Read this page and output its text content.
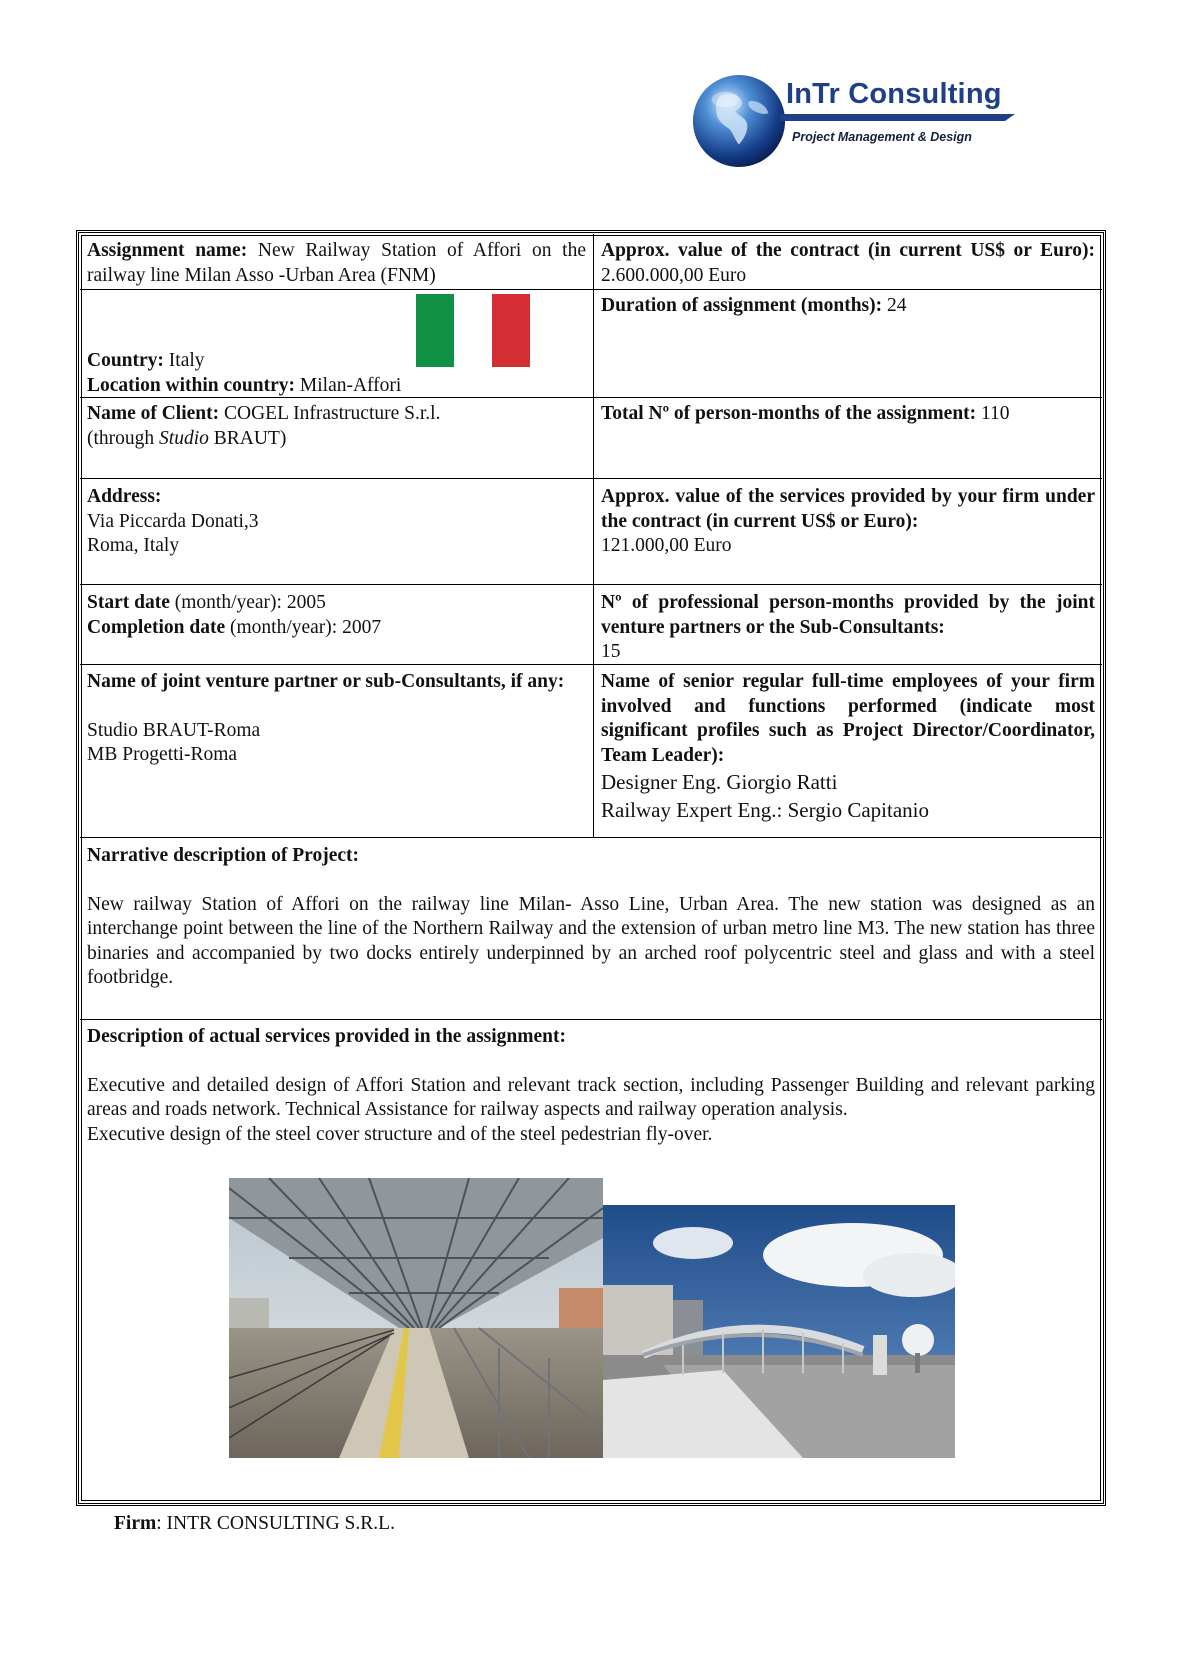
InTr Consulting
Project Management & Design
Assignment name: New Railway Station of Affori on the railway line Milan Asso -Urban Area (FNM)
Approx. value of the contract (in current US$ or Euro): 2.600.000,00 Euro
Country: Italy
Location within country: Milan-Affori
Duration of assignment (months): 24
Name of Client: COGEL Infrastructure S.r.l.
(through Studio BRAUT)
Total Nº of person-months of the assignment: 110
Address:
Via Piccarda Donati,3
Roma, Italy
Approx. value of the services provided by your firm under the contract (in current US$ or Euro):
121.000,00 Euro
Start date (month/year): 2005
Completion date (month/year): 2007
Nº of professional person-months provided by the joint venture partners or the Sub-Consultants:
15
Name of joint venture partner or sub-Consultants, if any:
Studio BRAUT-Roma
MB Progetti-Roma
Name of senior regular full-time employees of your firm involved and functions performed (indicate most significant profiles such as Project Director/Coordinator, Team Leader):
Designer Eng. Giorgio Ratti
Railway Expert Eng.: Sergio Capitanio
Narrative description of Project:
New railway Station of Affori on the railway line Milan- Asso Line, Urban Area. The new station was designed as an interchange point between the line of the Northern Railway and the extension of urban metro line M3. The new station has three binaries and accompanied by two docks entirely underpinned by an arched roof polycentric steel and glass and with a steel footbridge.
Description of actual services provided in the assignment:
Executive and detailed design of Affori Station and relevant track section, including Passenger Building and relevant parking areas and roads network. Technical Assistance for railway aspects and railway operation analysis.
Executive design of the steel cover structure and of the steel pedestrian fly-over.
Firm: INTR CONSULTING S.R.L.
